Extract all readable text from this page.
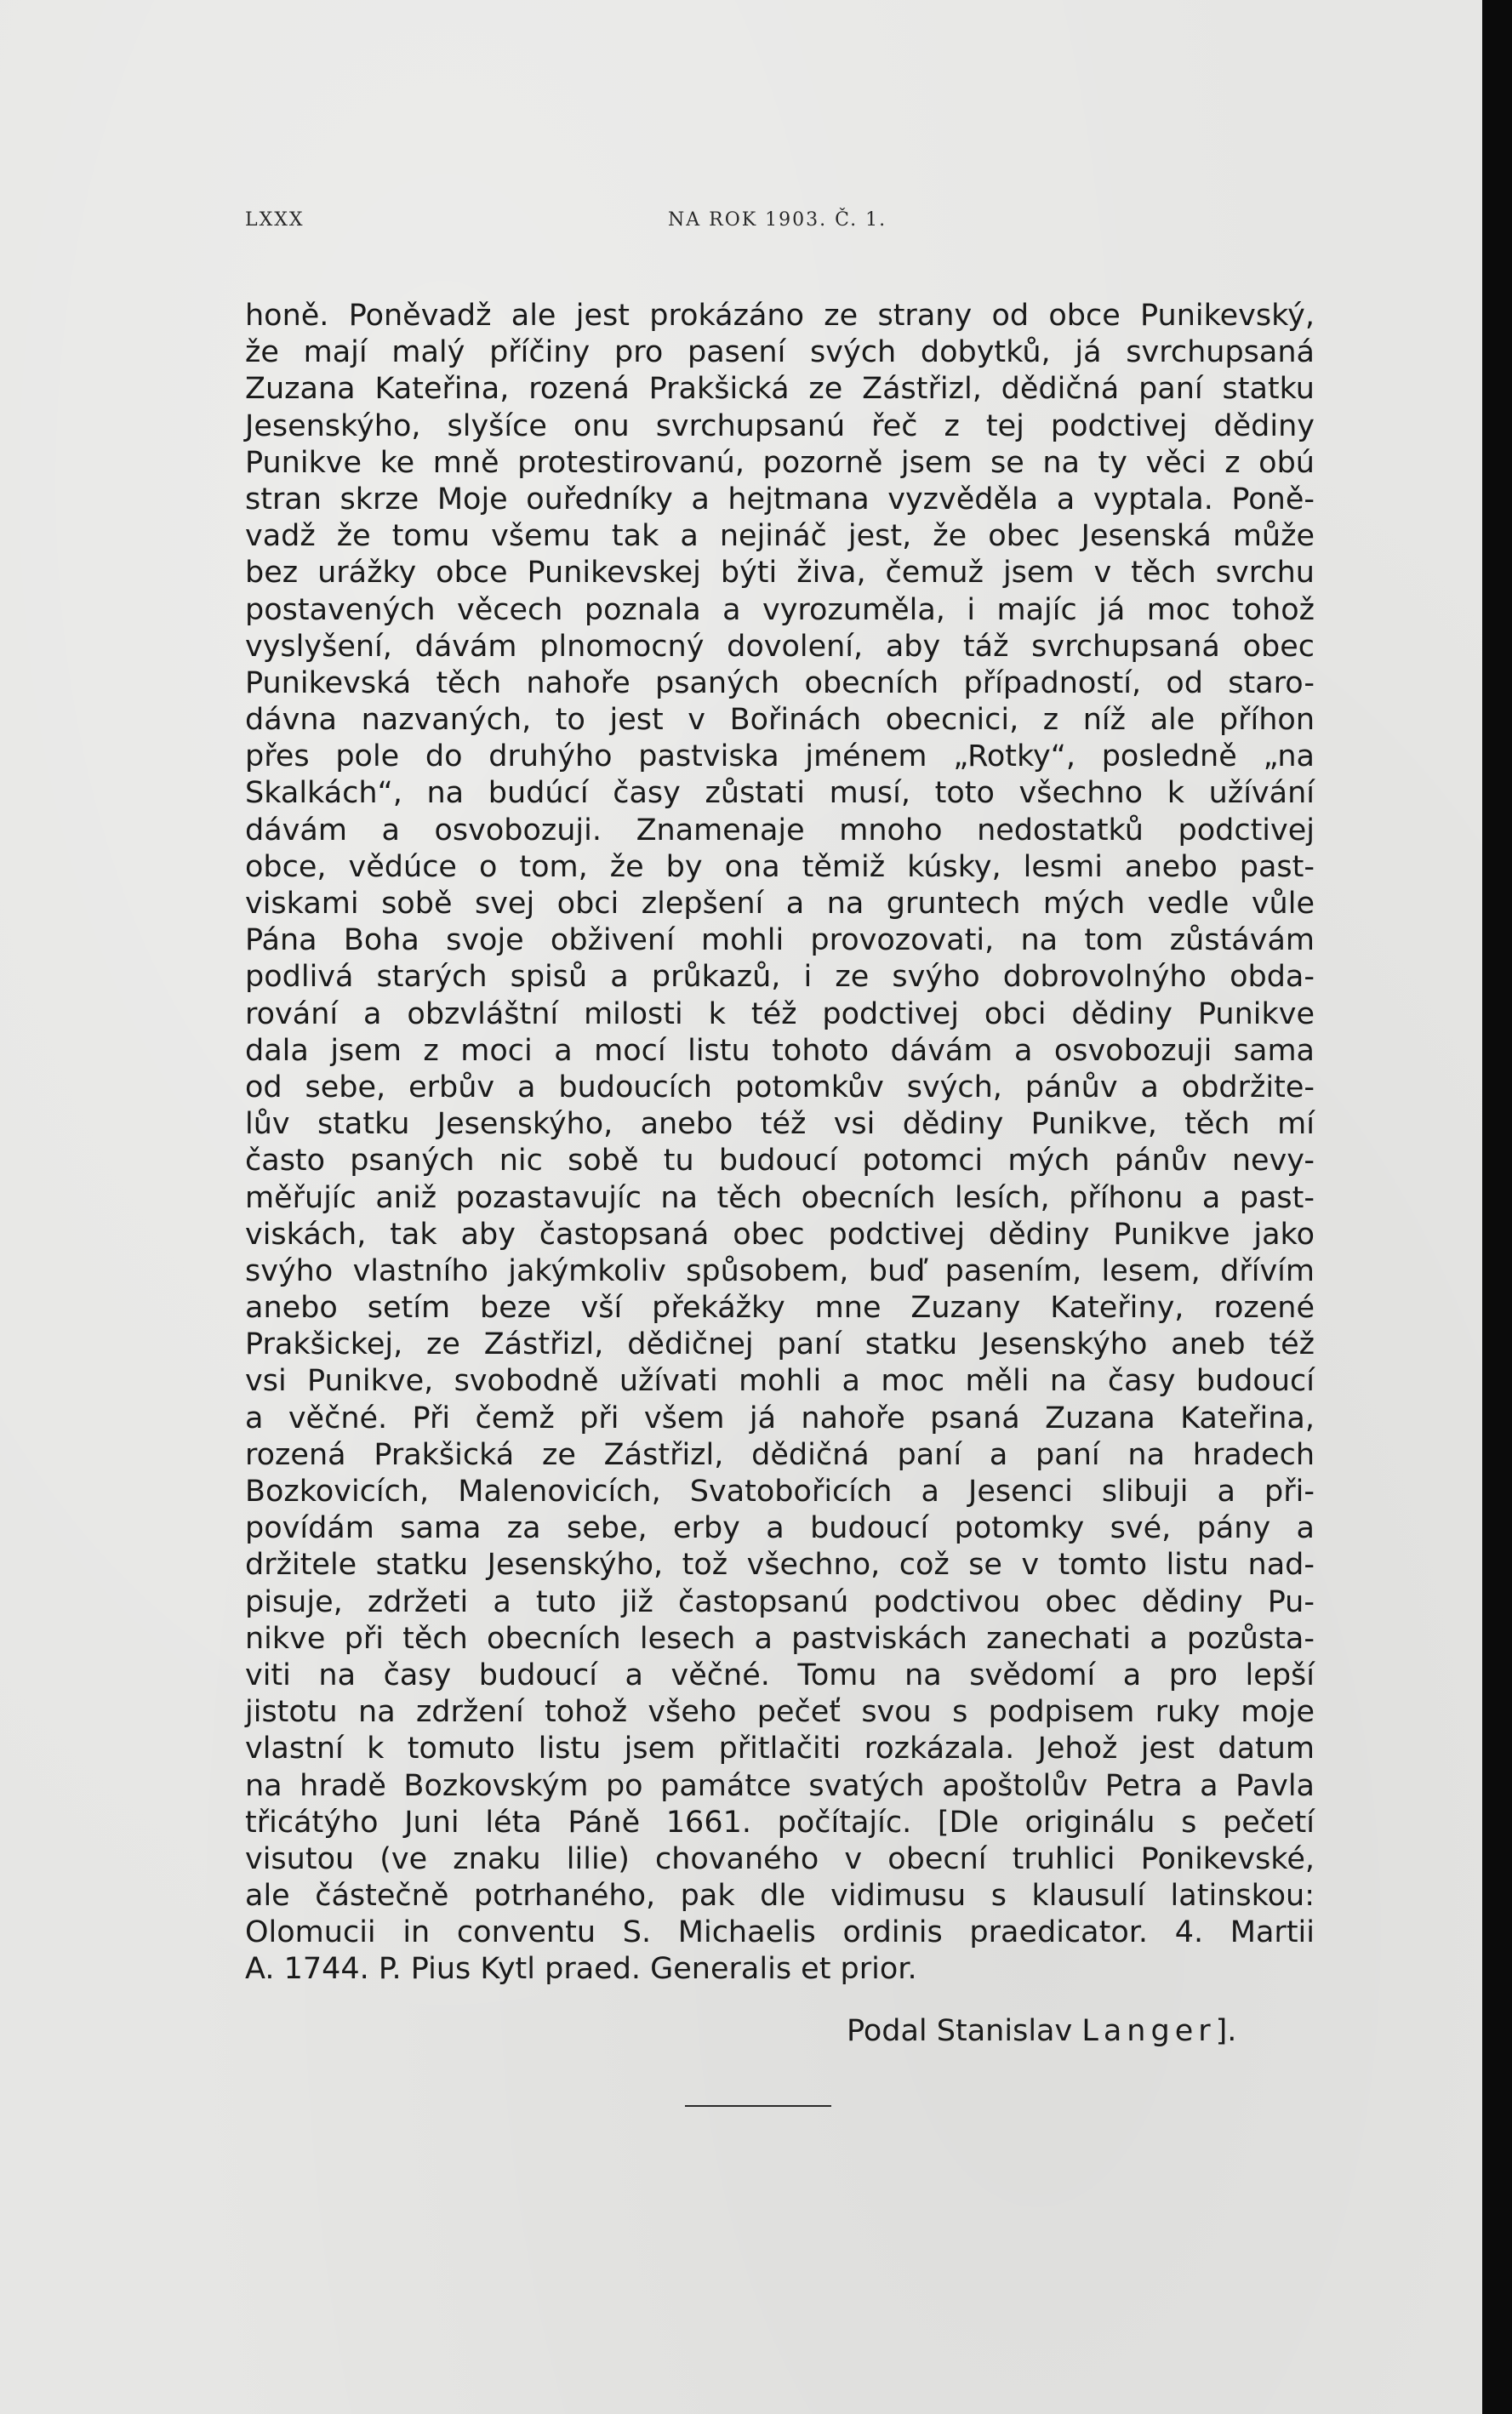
LXXX	NA ROK 1903. Č. 1.
honě. Poněvadž ale jest prokázáno ze strany od obce Punikevský,
že mají malý příčiny pro pasení svých dobytků, já svrchupsaná
Zuzana Kateřina, rozená Prakšická ze Zástřizl, dědičná paní statku
Jesenskýho, slyšíce onu svrchupsanú řeč z tej podctivej dědiny
Punikve ke mně protestirovanú, pozorně jsem se na ty věci z obú
stran skrze Moje ouředníky a hejtmana vyzvěděla a vyptala. Poně-
vadž že tomu všemu tak a nejináč jest, že obec Jesenská může
bez urážky obce Punikevskej býti živa, čemuž jsem v těch svrchu
postavených věcech poznala a vyrozuměla, i majíc já moc tohož
vyslyšení, dávám plnomocný dovolení, aby táž svrchupsaná obec
Punikevská těch nahoře psaných obecních případností, od staro-
dávna nazvaných, to jest v Bořinách obecnici, z níž ale příhon
přes pole do druhýho pastviska jménem „Rotky“, posledně „na
Skalkách“, na budúcí časy zůstati musí, toto všechno k užívání
dávám a osvobozuji. Znamenaje mnoho nedostatků podctivej
obce, vědúce o tom, že by ona těmiž kúsky, lesmi anebo past-
viskami sobě svej obci zlepšení a na gruntech mých vedle vůle
Pána Boha svoje obživení mohli provozovati, na tom zůstávám
podlivá starých spisů a průkazů, i ze svýho dobrovolnýho obda-
rování a obzvláštní milosti k též podctivej obci dědiny Punikve
dala jsem z moci a mocí listu tohoto dávám a osvobozuji sama
od sebe, erbův a budoucích potomkův svých, pánův a obdržite-
lův statku Jesenskýho, anebo též vsi dědiny Punikve, těch mí
často psaných nic sobě tu budoucí potomci mých pánův nevy-
měřujíc aniž pozastavujíc na těch obecních lesích, příhonu a past-
viskách, tak aby častopsaná obec podctivej dědiny Punikve jako
svýho vlastního jakýmkoliv spůsobem, buď pasením, lesem, dřívím
anebo setím beze vší překážky mne Zuzany Kateřiny, rozené
Prakšickej, ze Zástřizl, dědičnej paní statku Jesenskýho aneb též
vsi Punikve, svobodně užívati mohli a moc měli na časy budoucí
a věčné. Při čemž při všem já nahoře psaná Zuzana Kateřina,
rozená Prakšická ze Zástřizl, dědičná paní a paní na hradech
Bozkovicích, Malenovicích, Svatobořicích a Jesenci slibuji a při-
povídám sama za sebe, erby a budoucí potomky své, pány a
držitele statku Jesenskýho, tož všechno, což se v tomto listu nad-
pisuje, zdržeti a tuto již častopsanú podctivou obec dědiny Pu-
nikve při těch obecních lesech a pastviskách zanechati a pozůsta-
viti na časy budoucí a věčné. Tomu na svědomí a pro lepší
jistotu na zdržení tohož všeho pečeť svou s podpisem ruky moje
vlastní k tomuto listu jsem přitlačiti rozkázala. Jehož jest datum
na hradě Bozkovským po památce svatých apoštolův Petra a Pavla
třicátýho Juni léta Páně 1661. počítajíc. [Dle originálu s pečetí
visutou (ve znaku lilie) chovaného v obecní truhlici Ponikevské,
ale částečně potrhaného, pak dle vidimusu s klausulí latinskou:
Olomucii in conventu S. Michaelis ordinis praedicator. 4. Martii
A. 1744. P. Pius Kytl praed. Generalis et prior.
Podal Stanislav Langer].
